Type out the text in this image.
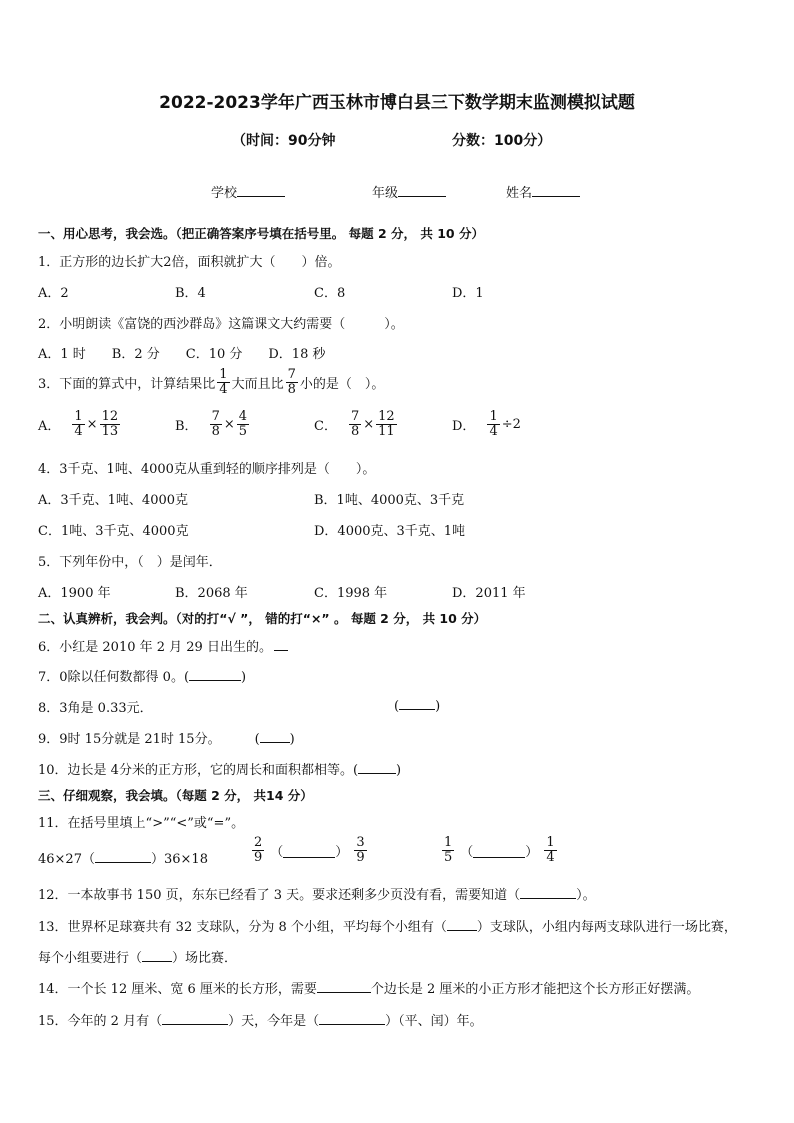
2022-2023学年广西玉林市博白县三下数学期末监测模拟试题
（时间：90分钟	分数：100分）
学校	年级	姓名
一、用心思考，我会选。（把正确答案序号填在括号里。 每题 2 分， 共 10 分）
1．正方形的边长扩大2倍，面积就扩大（　　）倍。
A．2	B．4	C．8	D．1
2．小明朗读《富饶的西沙群岛》这篇课文大约需要（　　　）。
A．1 时　　B．2 分　　C．10 分　　D．18 秒
3．下面的算式中，计算结果比 $\frac{1}{4}$ 大而且比 $\frac{7}{8}$ 小的是（　）。
A． $\frac{1}{4} \times \frac{12}{13}$	B． $\frac{7}{8} \times \frac{4}{5}$	C． $\frac{7}{8} \times \frac{12}{11}$	D． $\frac{1}{4} \div 2$
4．3千克、1吨、4000克从重到轻的顺序排列是（　　）。
A．3千克、1吨、4000克	B．1吨、4000克、3千克
C．1吨、3千克、4000克	D．4000克、3千克、1吨
5．下列年份中，（　）是闰年．
A．1900 年	B．2068 年	C．1998 年	D．2011 年
二、认真辨析，我会判。（对的打“√ ”， 错的打“×” 。 每题 2 分， 共 10 分）
6．小红是 2010 年 2 月 29 日出生的。
7．0除以任何数都得 0。(	)
8．3角是 0.33元．	(	)
9．9时 15分就是 21时 15分。	( )
10．边长是 4分米的正方形，它的周长和面积都相等。(	)
三、仔细观察，我会填。（每题 2 分， 共14 分）
11．在括号里填上“>”“<”或“=”。
46×27（	）36×18	$\frac{2}{9}$ （	） $\frac{3}{9}$	$\frac{1}{5}$ （	） $\frac{1}{4}$
12．一本故事书 150 页，东东已经看了 3 天。要求还剩多少页没有看，需要知道（	）。
13．世界杯足球赛共有 32 支球队，分为 8 个小组，平均每个小组有（ ）支球队，小组内每两支球队进行一场比赛，
每个小组要进行（ ）场比赛．
14．一个长 12 厘米、宽 6 厘米的长方形，需要	个边长是 2 厘米的小正方形才能把这个长方形正好摆满。
15．今年的 2 月有（	）天，今年是（	）（平、闰）年。
